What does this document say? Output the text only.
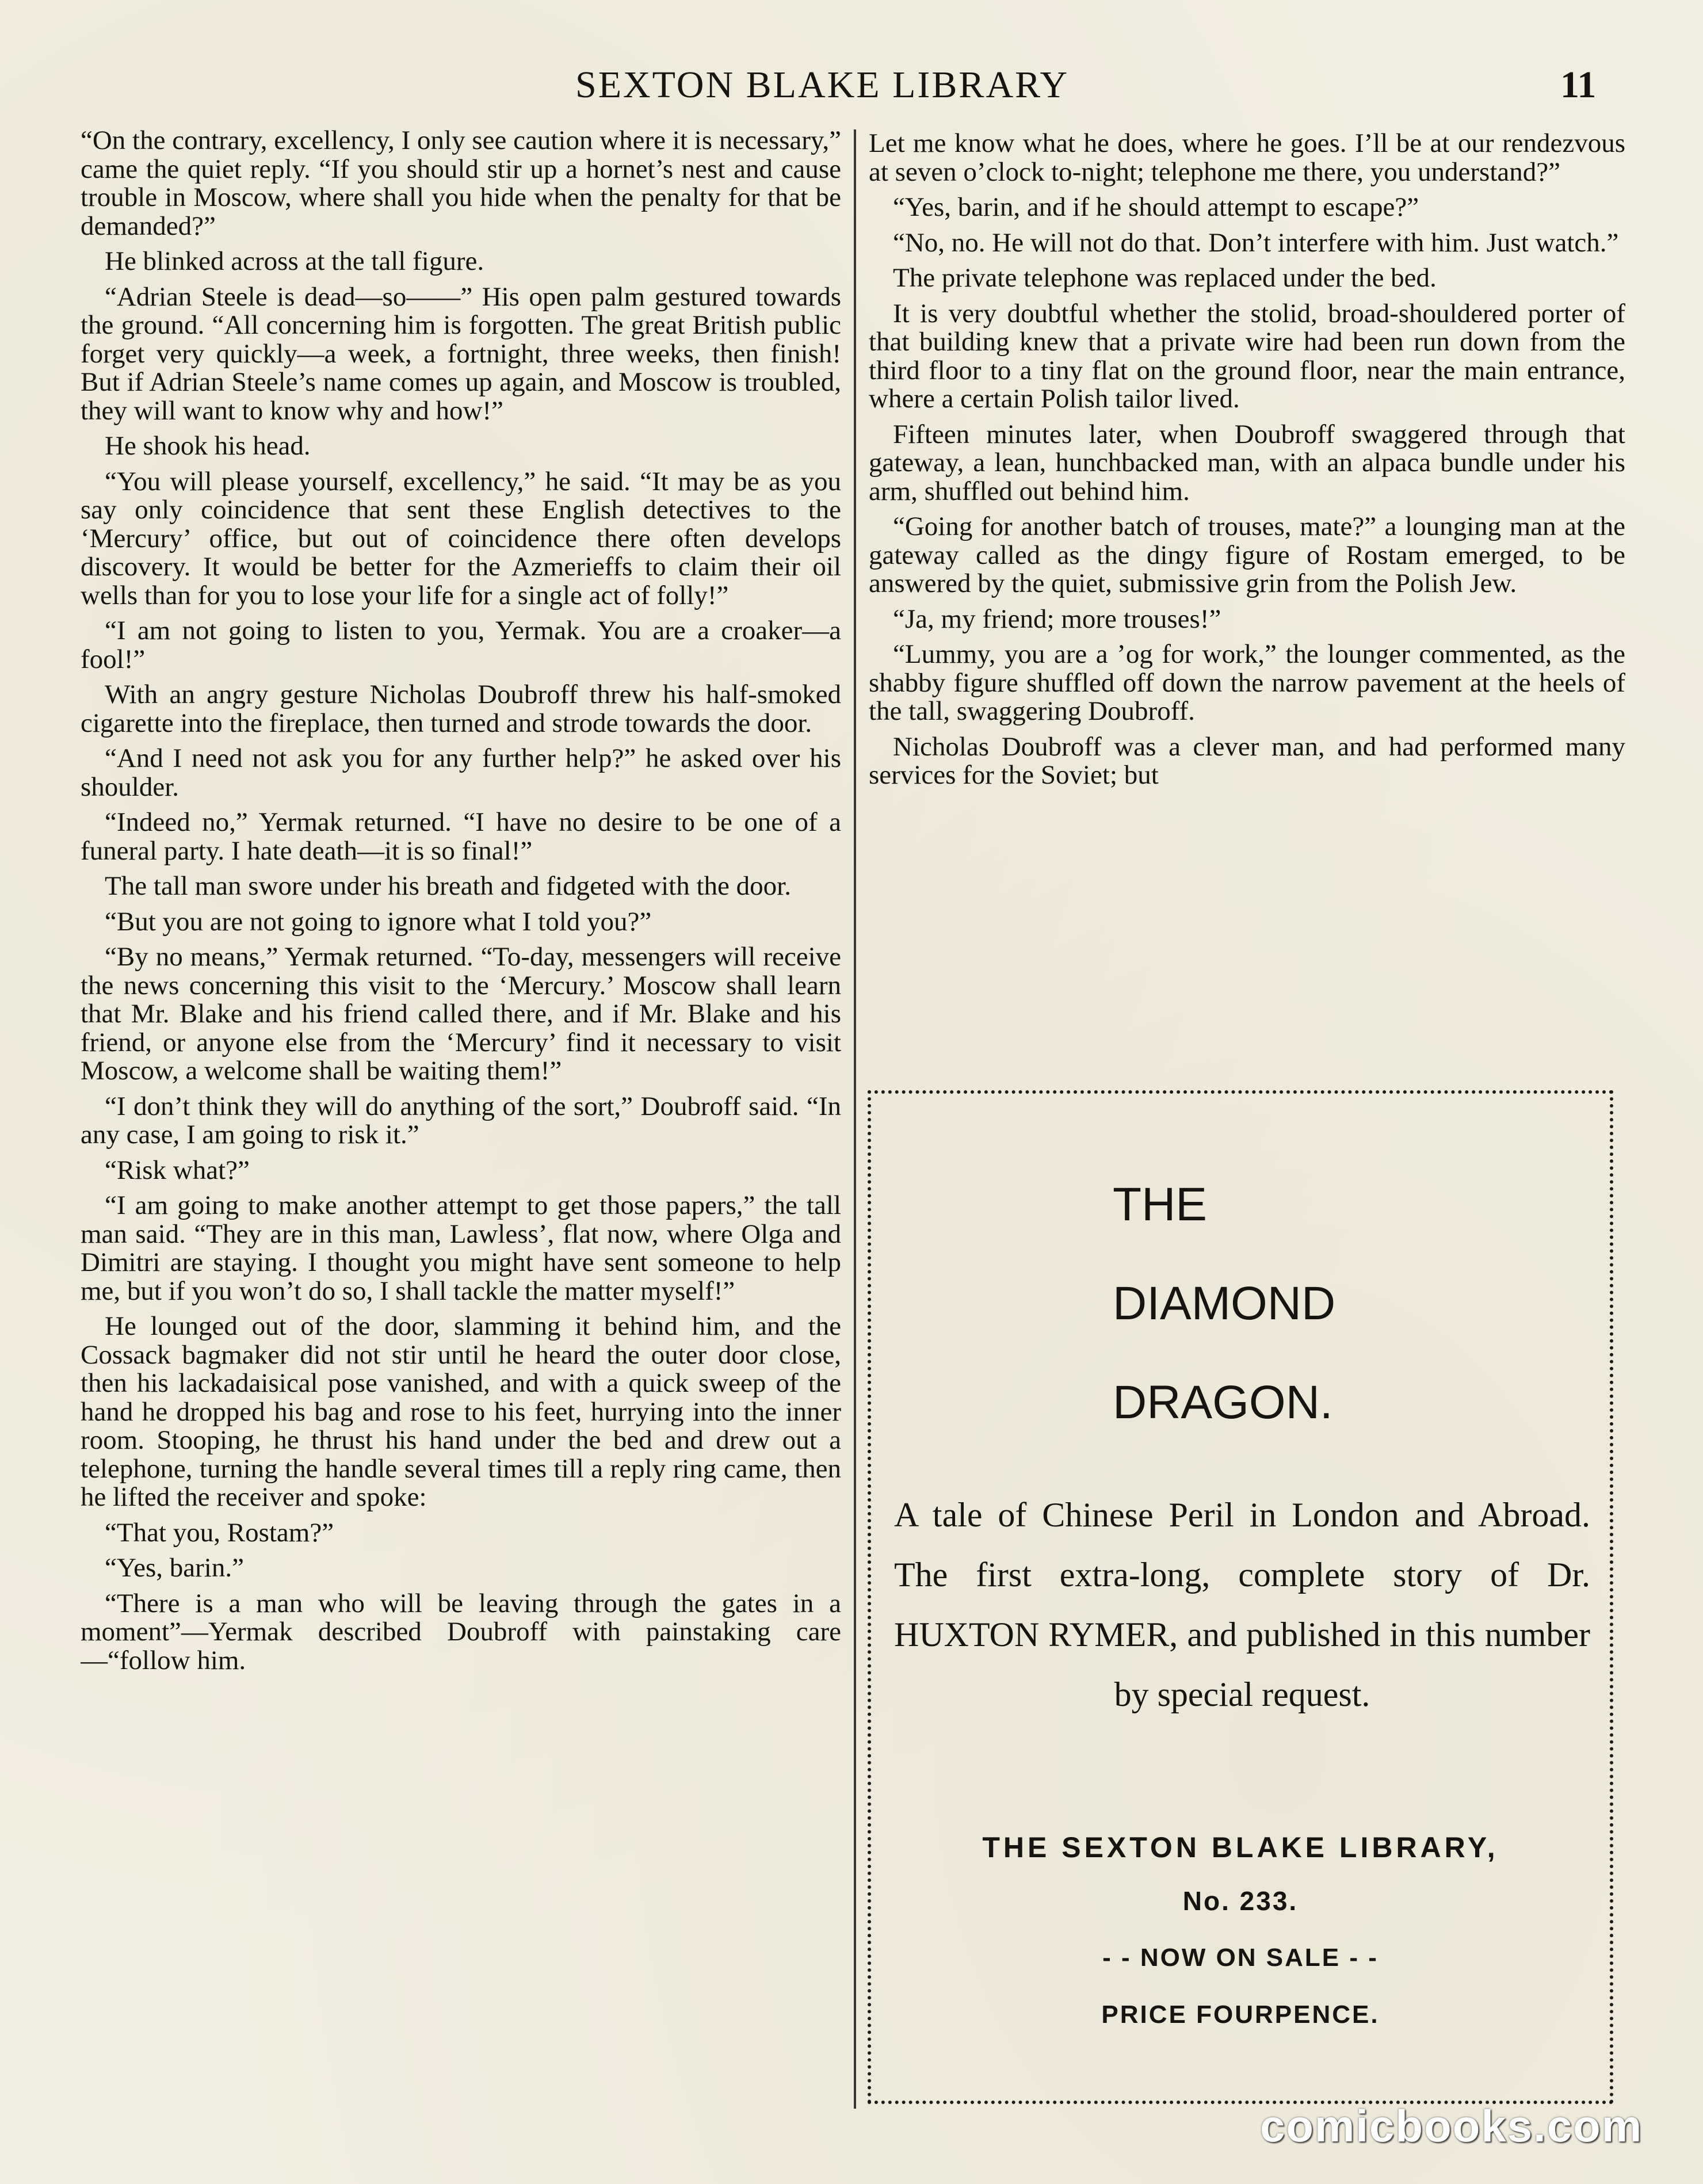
SEXTON BLAKE LIBRARY	11

“On the contrary, excellency, I only see caution where it is necessary,” came the quiet reply. “If you should stir up a hornet’s nest and cause trouble in Moscow, where shall you hide when the penalty for that be demanded?”

He blinked across at the tall figure.

“Adrian Steele is dead—so——” His open palm gestured towards the ground. “All concerning him is forgotten. The great British public forget very quickly—a week, a fortnight, three weeks, then finish! But if Adrian Steele’s name comes up again, and Moscow is troubled, they will want to know why and how!”

He shook his head.

“You will please yourself, excellency,” he said. “It may be as you say only coincidence that sent these English detectives to the ‘Mercury’ office, but out of coincidence there often develops discovery. It would be better for the Azmerieffs to claim their oil wells than for you to lose your life for a single act of folly!”

“I am not going to listen to you, Yermak. You are a croaker—a fool!”

With an angry gesture Nicholas Doubroff threw his half-smoked cigarette into the fireplace, then turned and strode towards the door.

“And I need not ask you for any further help?” he asked over his shoulder.

“Indeed no,” Yermak returned. “I have no desire to be one of a funeral party. I hate death—it is so final!”

The tall man swore under his breath and fidgeted with the door.

“But you are not going to ignore what I told you?”

“By no means,” Yermak returned. “To-day, messengers will receive the news concerning this visit to the ‘Mercury.’ Moscow shall learn that Mr. Blake and his friend called there, and if Mr. Blake and his friend, or anyone else from the ‘Mercury’ find it necessary to visit Moscow, a welcome shall be waiting them!”

“I don’t think they will do anything of the sort,” Doubroff said. “In any case, I am going to risk it.”

“Risk what?”

“I am going to make another attempt to get those papers,” the tall man said. “They are in this man, Lawless’, flat now, where Olga and Dimitri are staying. I thought you might have sent someone to help me, but if you won’t do so, I shall tackle the matter myself!”

He lounged out of the door, slamming it behind him, and the Cossack bagmaker did not stir until he heard the outer door close, then his lackadaisical pose vanished, and with a quick sweep of the hand he dropped his bag and rose to his feet, hurrying into the inner room. Stooping, he thrust his hand under the bed and drew out a telephone, turning the handle several times till a reply ring came, then he lifted the receiver and spoke:

“That you, Rostam?”

“Yes, barin.”

“There is a man who will be leaving through the gates in a moment”—Yermak described Doubroff with painstaking care—“follow him.

Let me know what he does, where he goes. I’ll be at our rendezvous at seven o’clock to-night; telephone me there, you understand?”

“Yes, barin, and if he should attempt to escape?”

“No, no. He will not do that. Don’t interfere with him. Just watch.”

The private telephone was replaced under the bed.

It is very doubtful whether the stolid, broad-shouldered porter of that building knew that a private wire had been run down from the third floor to a tiny flat on the ground floor, near the main entrance, where a certain Polish tailor lived.

Fifteen minutes later, when Doubroff swaggered through that gateway, a lean, hunchbacked man, with an alpaca bundle under his arm, shuffled out behind him.

“Going for another batch of trouses, mate?” a lounging man at the gateway called as the dingy figure of Rostam emerged, to be answered by the quiet, submissive grin from the Polish Jew.

“Ja, my friend; more trouses!”

“Lummy, you are a ’og for work,” the lounger commented, as the shabby figure shuffled off down the narrow pavement at the heels of the tall, swaggering Doubroff.

Nicholas Doubroff was a clever man, and had performed many services for the Soviet; but

THE
DIAMOND
DRAGON.
A tale of Chinese Peril in London and Abroad. The first extra-long, complete story of Dr. HUXTON RYMER, and published in this number by special request.
THE SEXTON BLAKE LIBRARY,
No. 233.
- - NOW ON SALE - -
PRICE FOURPENCE.
comicbooks.com
